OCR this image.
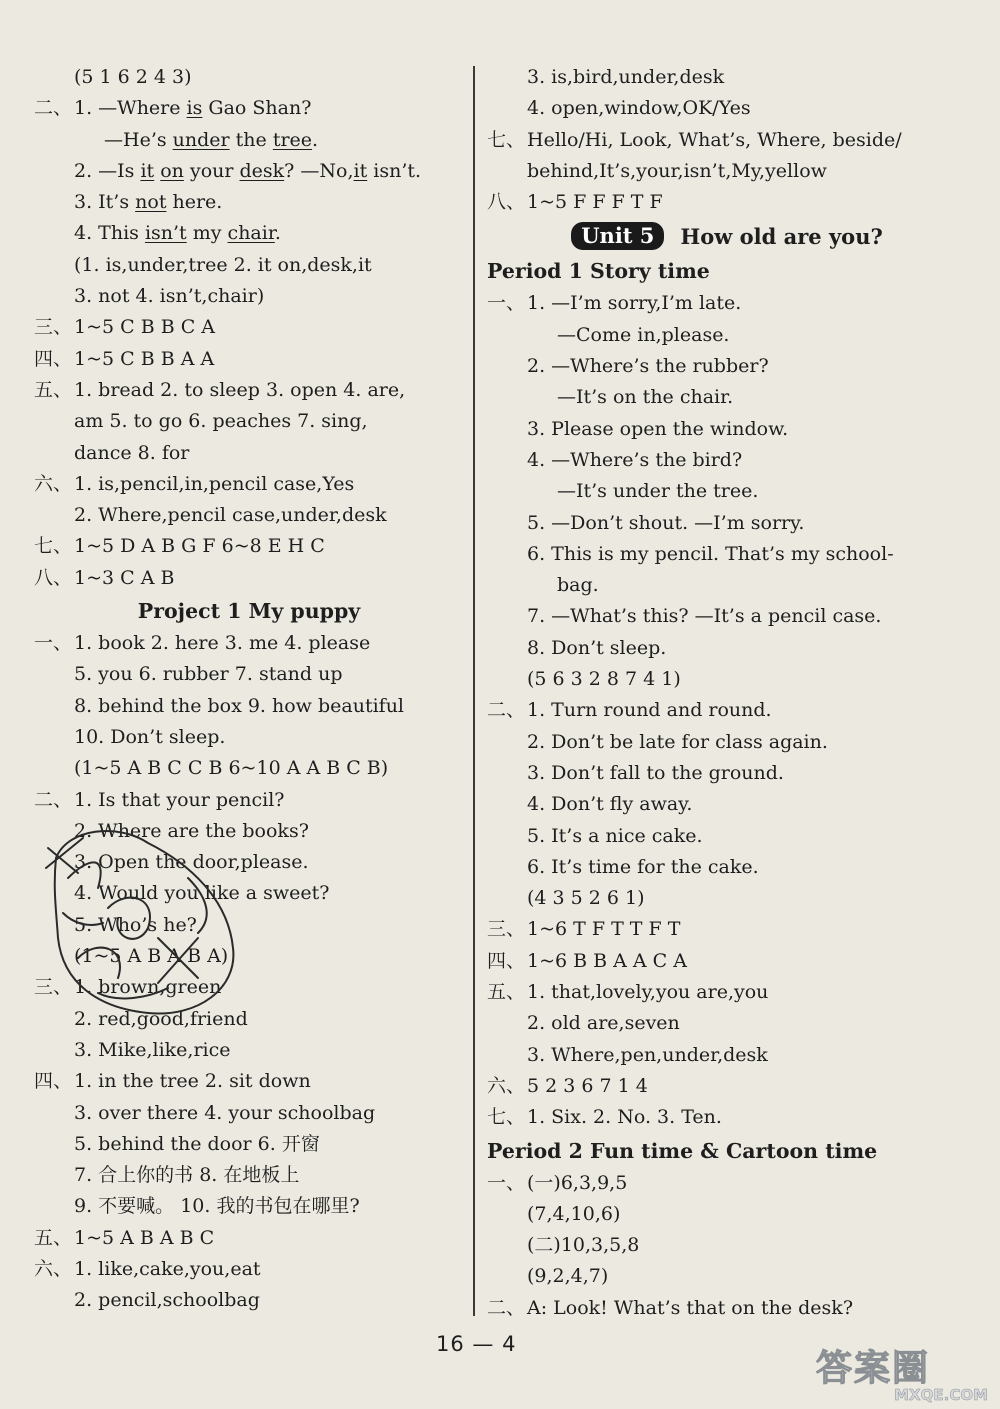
(5 1 6 2 4 3)
二、 1. —Where is Gao Shan?
—He’s under the tree.
2. —Is it on your desk? —No,it isn’t.
3. It’s not here.
4. This isn’t my chair.
(1. is,under,tree 2. it on,desk,it
3. not 4. isn’t,chair)
三、 1~5 C B B C A
四、 1~5 C B B A A
五、 1. bread 2. to sleep 3. open 4. are,
am 5. to go 6. peaches 7. sing,
dance 8. for
六、 1. is,pencil,in,pencil case,Yes
2. Where,pencil case,under,desk
七、 1~5 D A B G F 6~8 E H C
八、 1~3 C A B
Project 1 My puppy
一、 1. book 2. here 3. me 4. please
5. you 6. rubber 7. stand up
8. behind the box 9. how beautiful
10. Don’t sleep.
(1~5 A B C C B 6~10 A A B C B)
二、 1. Is that your pencil?
2. Where are the books?
3. Open the door,please.
4. Would you like a sweet?
5. Who’s he?
(1~5 A B A B A)
三、 1. brown,green
2. red,good,friend
3. Mike,like,rice
四、 1. in the tree 2. sit down
3. over there 4. your schoolbag
5. behind the door 6. 开窗
7. 合上你的书 8. 在地板上
9. 不要喊。 10. 我的书包在哪里?
五、 1~5 A B A B C
六、 1. like,cake,you,eat
2. pencil,schoolbag
3. is,bird,under,desk
4. open,window,OK/Yes
七、 Hello/Hi, Look, What’s, Where, beside/
behind,It’s,your,isn’t,My,yellow
八、 1~5 F F F T F
Unit 5	How old are you?
Period 1 Story time
一、 1. —I’m sorry,I’m late.
—Come in,please.
2. —Where’s the rubber?
—It’s on the chair.
3. Please open the window.
4. —Where’s the bird?
—It’s under the tree.
5. —Don’t shout. —I’m sorry.
6. This is my pencil. That’s my school-
bag.
7. —What’s this? —It’s a pencil case.
8. Don’t sleep.
(5 6 3 2 8 7 4 1)
二、 1. Turn round and round.
2. Don’t be late for class again.
3. Don’t fall to the ground.
4. Don’t fly away.
5. It’s a nice cake.
6. It’s time for the cake.
(4 3 5 2 6 1)
三、 1~6 T F T T F T
四、 1~6 B B A A C A
五、 1. that,lovely,you are,you
2. old are,seven
3. Where,pen,under,desk
六、 5 2 3 6 7 1 4
七、 1. Six. 2. No. 3. Ten.
Period 2 Fun time & Cartoon time
一、 (一)6,3,9,5
(7,4,10,6)
(二)10,3,5,8
(9,2,4,7)
二、 A: Look! What’s that on the desk?
16 — 4
答案圈
MXQE.COM
